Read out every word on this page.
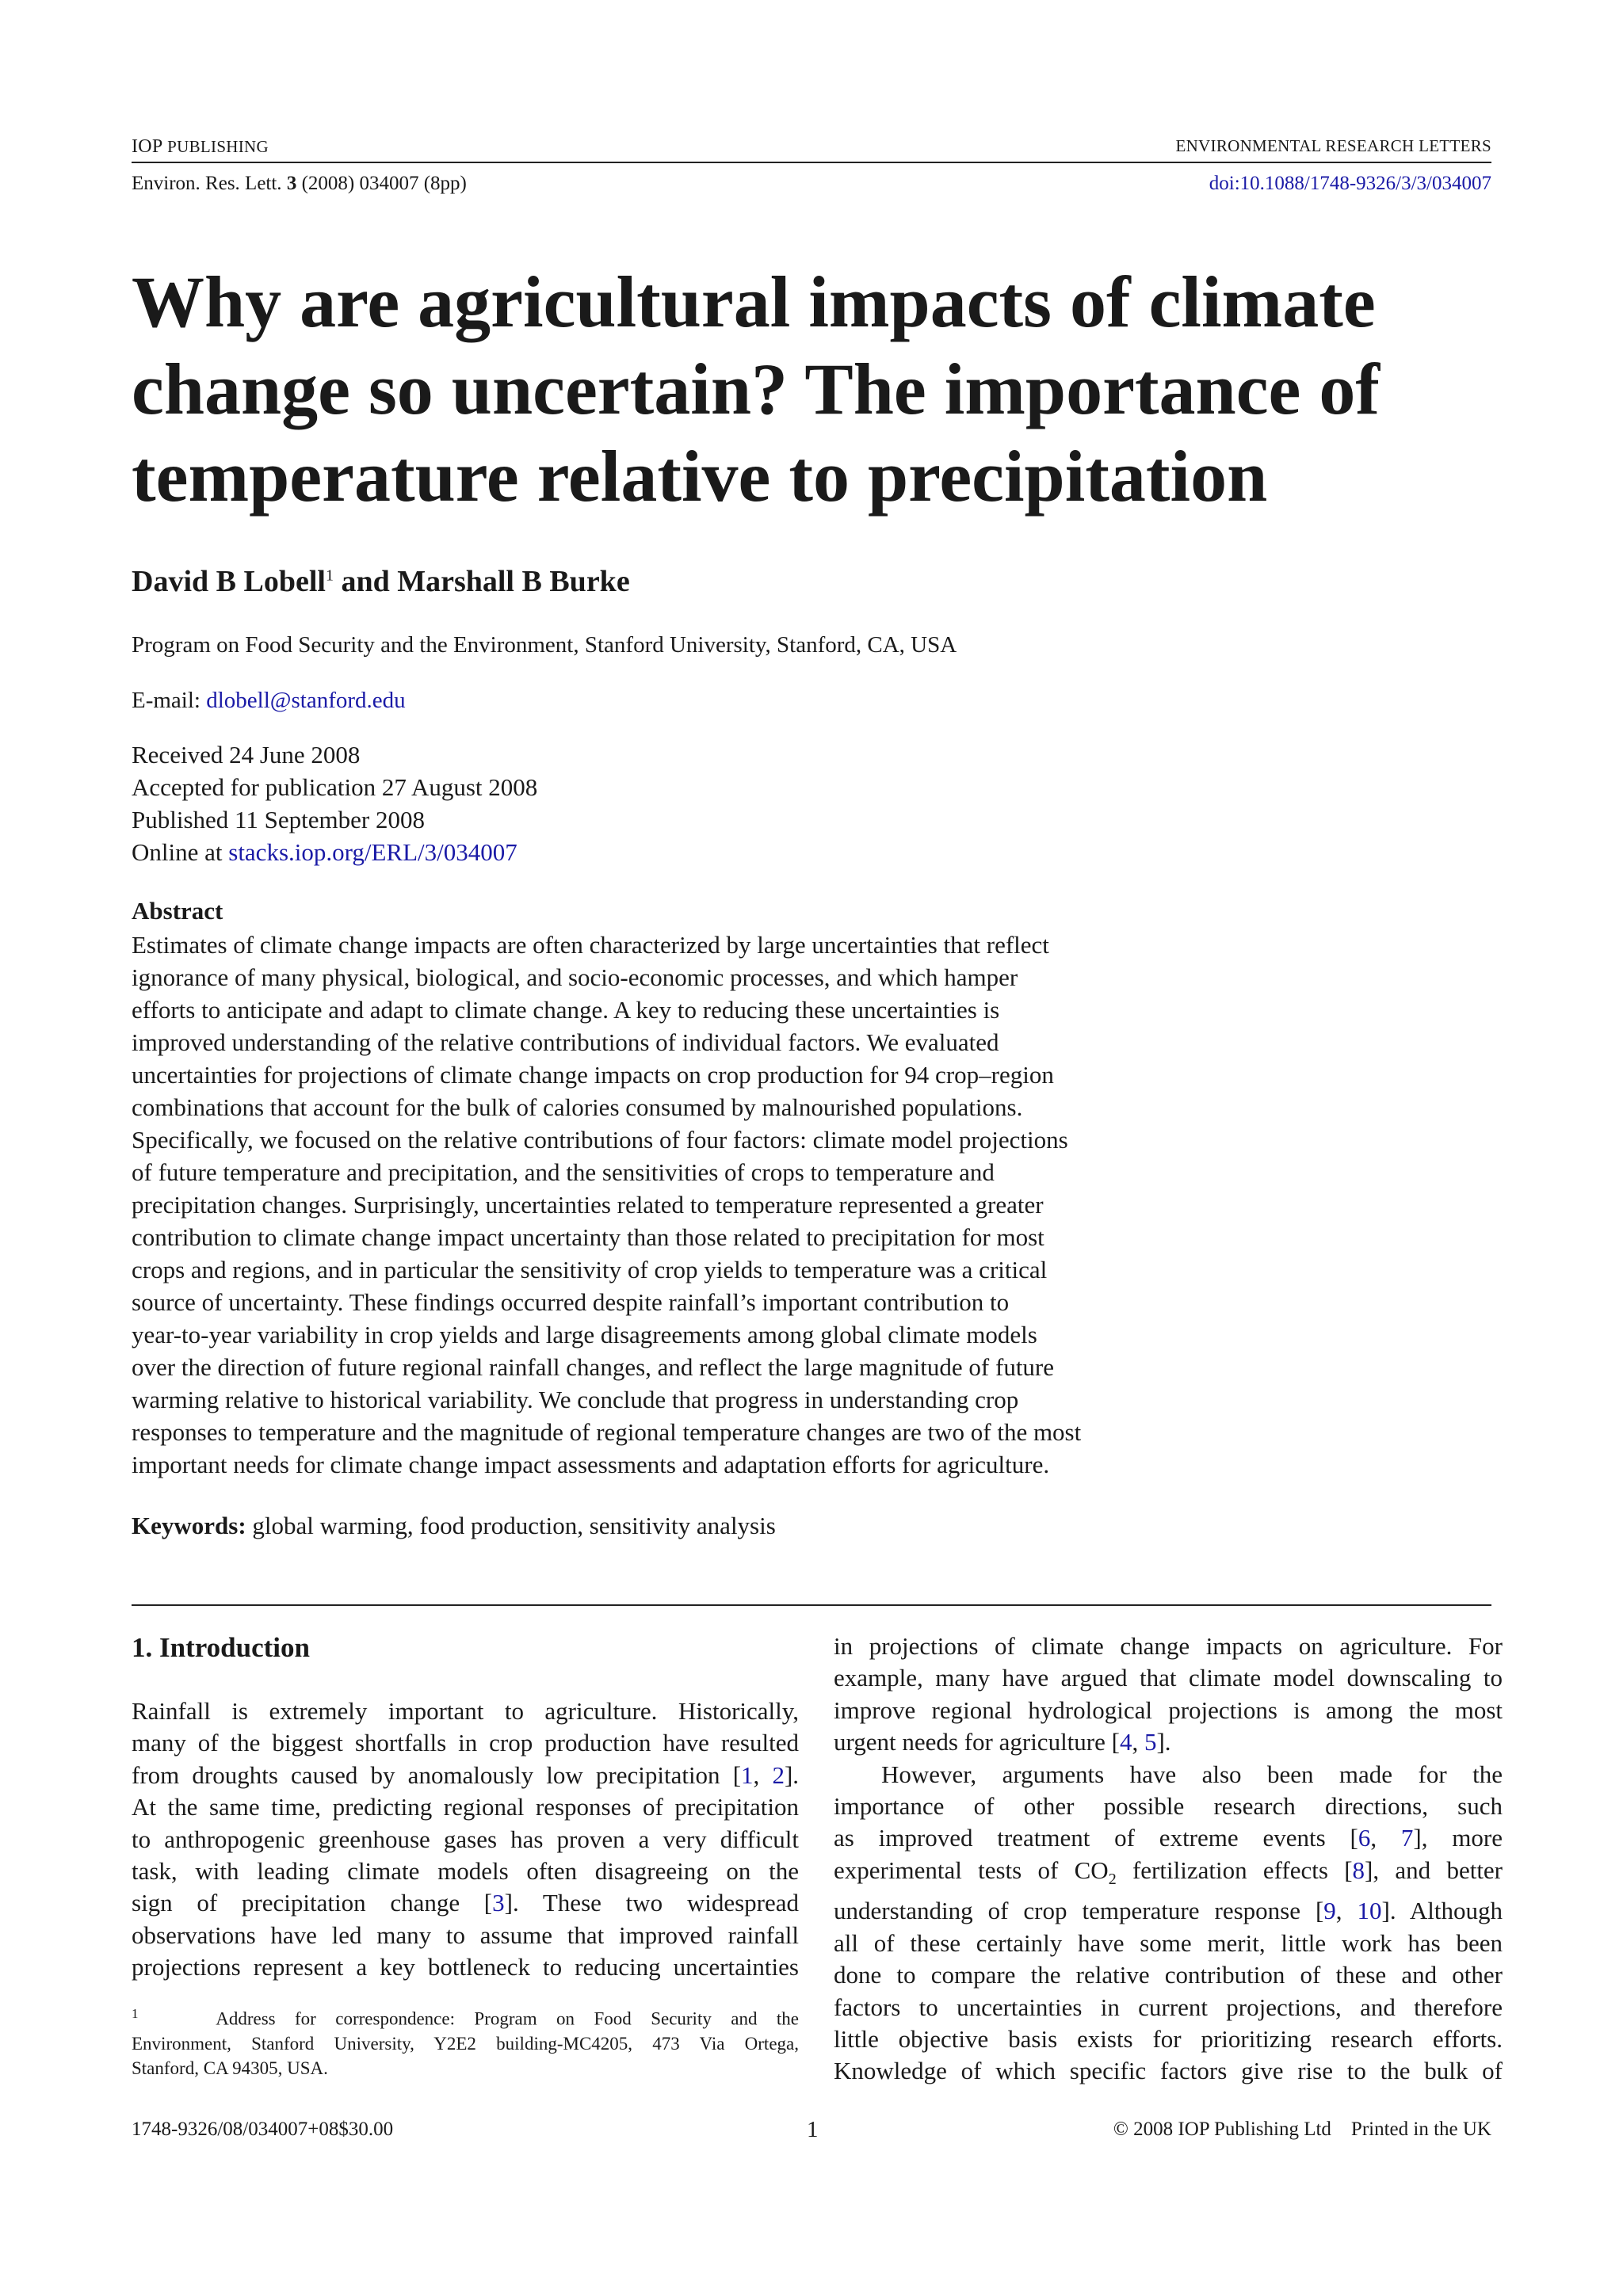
IOP PUBLISHING	ENVIRONMENTAL RESEARCH LETTERS
Environ. Res. Lett. 3 (2008) 034007 (8pp)	doi:10.1088/1748-9326/3/3/034007
Why are agricultural impacts of climate
change so uncertain? The importance of
temperature relative to precipitation
David B Lobell$^1$ and Marshall B Burke
Program on Food Security and the Environment, Stanford University, Stanford, CA, USA
E-mail: dlobell@stanford.edu
Received 24 June 2008
Accepted for publication 27 August 2008
Published 11 September 2008
Online at stacks.iop.org/ERL/3/034007
Abstract
Estimates of climate change impacts are often characterized by large uncertainties that reflect
ignorance of many physical, biological, and socio-economic processes, and which hamper
efforts to anticipate and adapt to climate change. A key to reducing these uncertainties is
improved understanding of the relative contributions of individual factors. We evaluated
uncertainties for projections of climate change impacts on crop production for 94 crop–region
combinations that account for the bulk of calories consumed by malnourished populations.
Specifically, we focused on the relative contributions of four factors: climate model projections
of future temperature and precipitation, and the sensitivities of crops to temperature and
precipitation changes. Surprisingly, uncertainties related to temperature represented a greater
contribution to climate change impact uncertainty than those related to precipitation for most
crops and regions, and in particular the sensitivity of crop yields to temperature was a critical
source of uncertainty. These findings occurred despite rainfall’s important contribution to
year-to-year variability in crop yields and large disagreements among global climate models
over the direction of future regional rainfall changes, and reflect the large magnitude of future
warming relative to historical variability. We conclude that progress in understanding crop
responses to temperature and the magnitude of regional temperature changes are two of the most
important needs for climate change impact assessments and adaptation efforts for agriculture.
Keywords: global warming, food production, sensitivity analysis
1. Introduction
Rainfall is extremely important to agriculture. Historically,
many of the biggest shortfalls in crop production have resulted
from droughts caused by anomalously low precipitation [1, 2].
At the same time, predicting regional responses of precipitation
to anthropogenic greenhouse gases has proven a very difficult
task, with leading climate models often disagreeing on the
sign of precipitation change [3]. These two widespread
observations have led many to assume that improved rainfall
projections represent a key bottleneck to reducing uncertainties
$^1$	Address for correspondence: Program on Food Security and the
Environment, Stanford University, Y2E2 building-MC4205, 473 Via Ortega,
Stanford, CA 94305, USA.
in projections of climate change impacts on agriculture. For
example, many have argued that climate model downscaling to
improve regional hydrological projections is among the most
urgent needs for agriculture [4, 5].
However, arguments have also been made for the
importance of other possible research directions, such
as improved treatment of extreme events [6, 7], more
experimental tests of $CO_2$ fertilization effects [8], and better
understanding of crop temperature response [9, 10]. Although
all of these certainly have some merit, little work has been
done to compare the relative contribution of these and other
factors to uncertainties in current projections, and therefore
little objective basis exists for prioritizing research efforts.
Knowledge of which specific factors give rise to the bulk of
1748-9326/08/034007+08$30.00	1	© 2008 IOP Publishing Ltd Printed in the UK
